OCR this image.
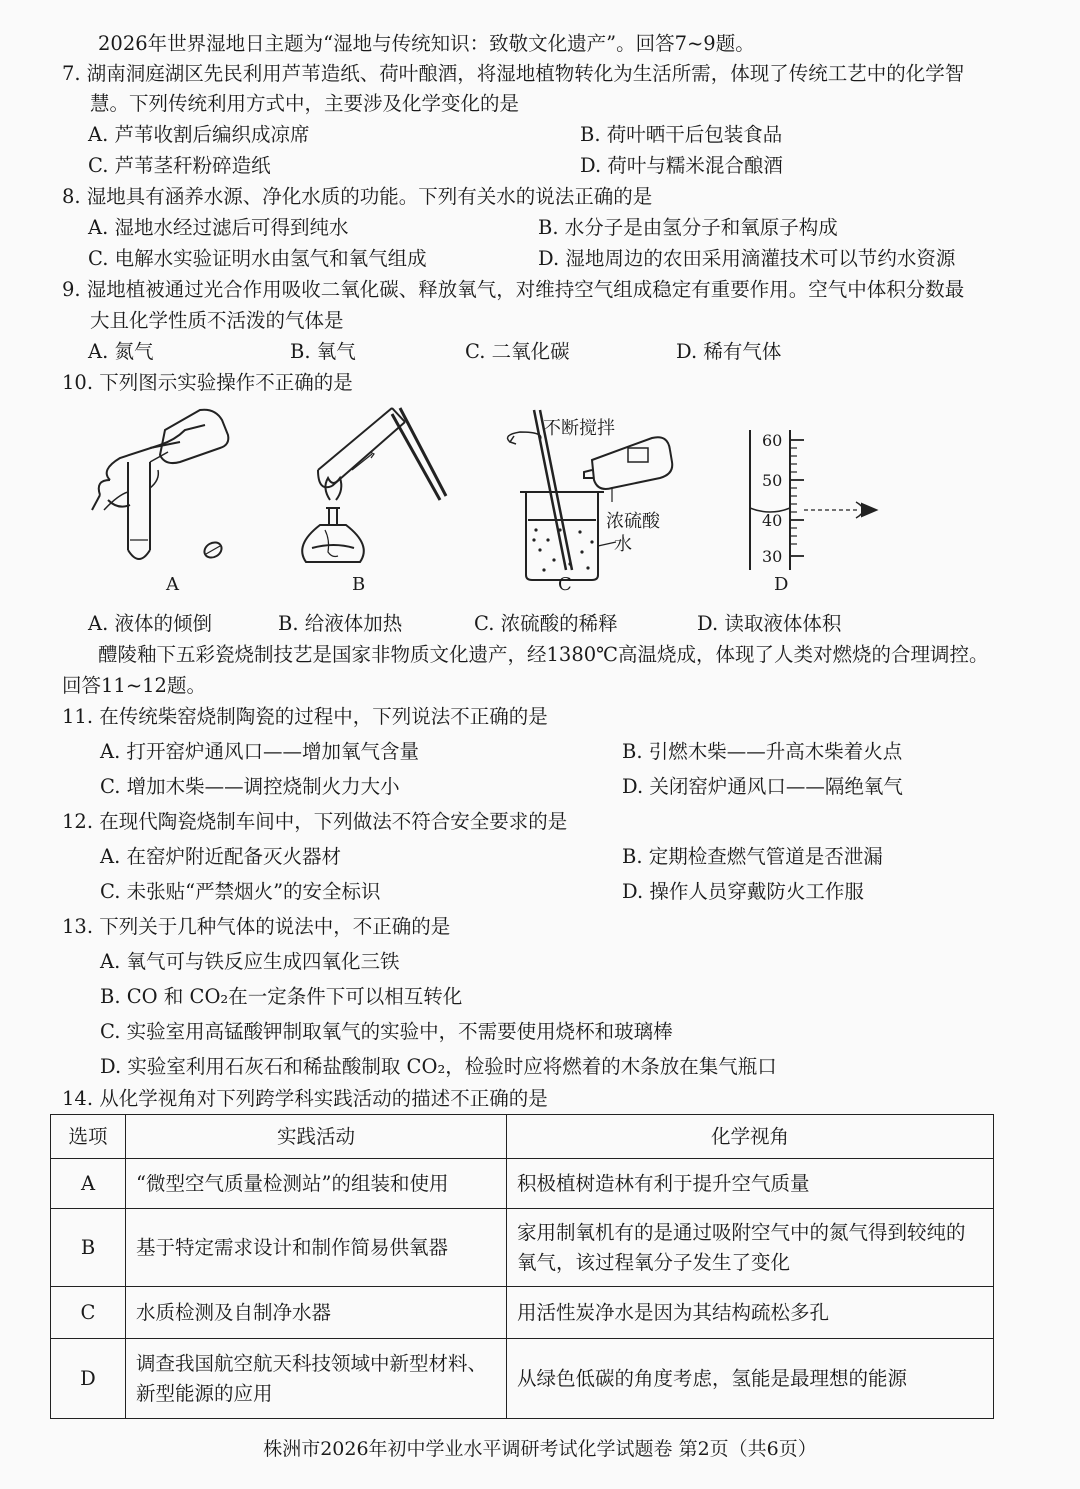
2026年世界湿地日主题为“湿地与传统知识：致敬文化遗产”。回答7~9题。
7. 湖南洞庭湖区先民利用芦苇造纸、荷叶酿酒，将湿地植物转化为生活所需，体现了传统工艺中的化学智
慧。下列传统利用方式中，主要涉及化学变化的是
A. 芦苇收割后编织成凉席	B. 荷叶晒干后包装食品
C. 芦苇茎秆粉碎造纸	D. 荷叶与糯米混合酿酒
8. 湿地具有涵养水源、净化水质的功能。下列有关水的说法正确的是
A. 湿地水经过滤后可得到纯水	B. 水分子是由氢分子和氧原子构成
C. 电解水实验证明水由氢气和氧气组成	D. 湿地周边的农田采用滴灌技术可以节约水资源
9. 湿地植被通过光合作用吸收二氧化碳、释放氧气，对维持空气组成稳定有重要作用。空气中体积分数最
大且化学性质不活泼的气体是
A. 氮气	B. 氧气	C. 二氧化碳	D. 稀有气体
10. 下列图示实验操作不正确的是
A	B	C	D
不断搅拌
浓硫酸
水
60
50
40
30
A. 液体的倾倒	B. 给液体加热	C. 浓硫酸的稀释	D. 读取液体体积
醴陵釉下五彩瓷烧制技艺是国家非物质文化遗产，经1380℃高温烧成，体现了人类对燃烧的合理调控。
回答11~12题。
11. 在传统柴窑烧制陶瓷的过程中，下列说法不正确的是
A. 打开窑炉通风口——增加氧气含量	B. 引燃木柴——升高木柴着火点
C. 增加木柴——调控烧制火力大小	D. 关闭窑炉通风口——隔绝氧气
12. 在现代陶瓷烧制车间中，下列做法不符合安全要求的是
A. 在窑炉附近配备灭火器材	B. 定期检查燃气管道是否泄漏
C. 未张贴“严禁烟火”的安全标识	D. 操作人员穿戴防火工作服
13. 下列关于几种气体的说法中，不正确的是
A. 氧气可与铁反应生成四氧化三铁
B. CO 和 CO₂在一定条件下可以相互转化
C. 实验室用高锰酸钾制取氧气的实验中，不需要使用烧杯和玻璃棒
D. 实验室利用石灰石和稀盐酸制取 CO₂，检验时应将燃着的木条放在集气瓶口
14. 从化学视角对下列跨学科实践活动的描述不正确的是
选项	实践活动	化学视角
A	“微型空气质量检测站”的组装和使用	积极植树造林有利于提升空气质量
B	基于特定需求设计和制作简易供氧器	家用制氧机有的是通过吸附空气中的氮气得到较纯的氧气，该过程氧分子发生了变化
C	水质检测及自制净水器	用活性炭净水是因为其结构疏松多孔
D	调查我国航空航天科技领域中新型材料、新型能源的应用	从绿色低碳的角度考虑，氢能是最理想的能源
株洲市2026年初中学业水平调研考试化学试题卷 第2页（共6页）
